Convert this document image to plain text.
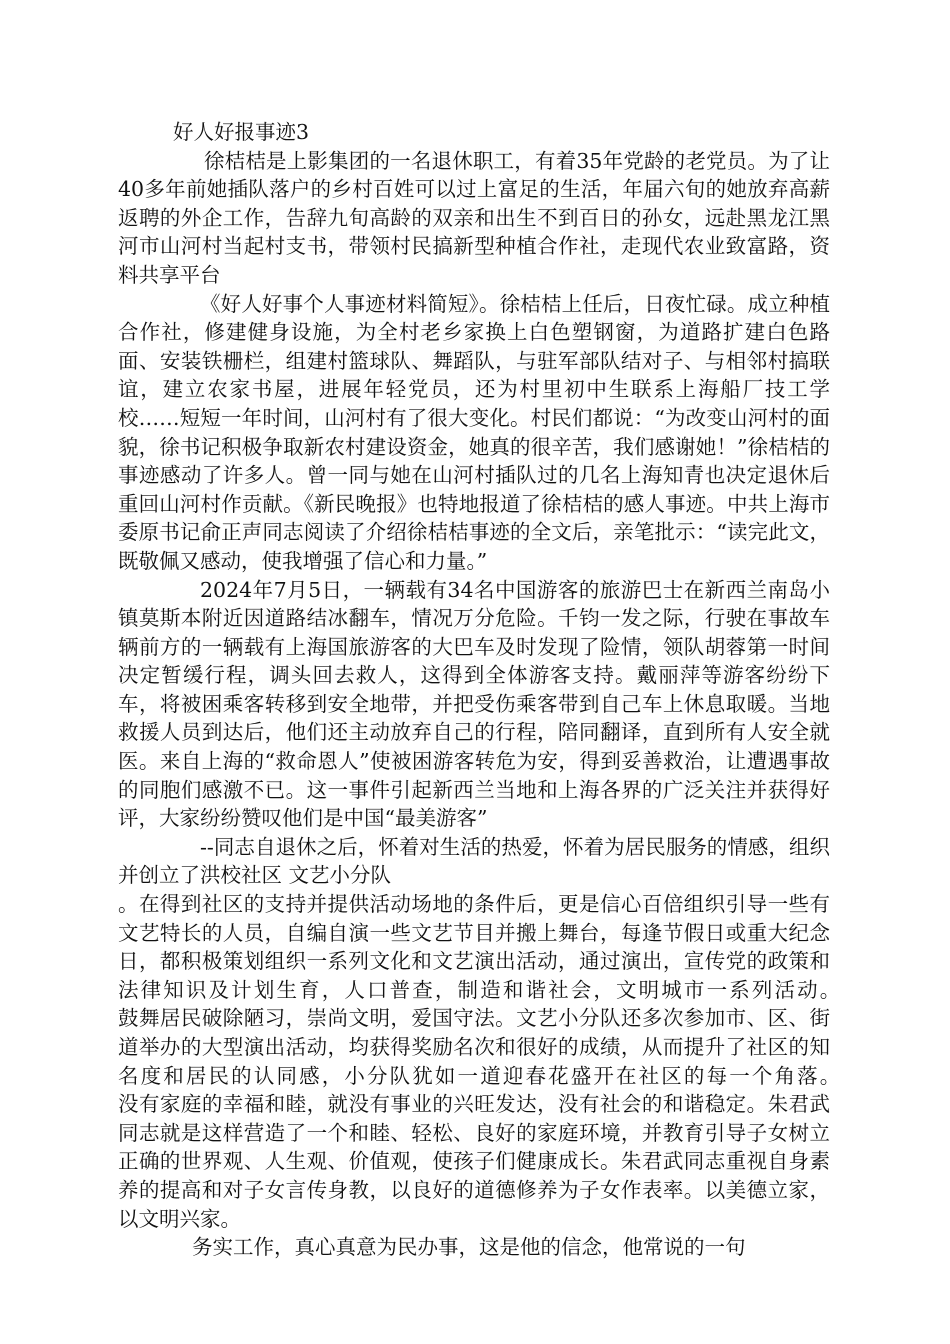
好人好报事迹3

徐桔桔是上影集团的一名退休职工，有着35年党龄的老党员。为了让40多年前她插队落户的乡村百姓可以过上富足的生活，年届六旬的她放弃高薪返聘的外企工作，告辞九旬高龄的双亲和出生不到百日的孙女，远赴黑龙江黑河市山河村当起村支书，带领村民搞新型种植合作社，走现代农业致富路，资料共享平台

《好人好事个人事迹材料简短》。徐桔桔上任后，日夜忙碌。成立种植合作社，修建健身设施，为全村老乡家换上白色塑钢窗，为道路扩建白色路面、安装铁栅栏，组建村篮球队、舞蹈队，与驻军部队结对子、与相邻村搞联谊，建立农家书屋，进展年轻党员，还为村里初中生联系上海船厂技工学校……短短一年时间，山河村有了很大变化。村民们都说：“为改变山河村的面貌，徐书记积极争取新农村建设资金，她真的很辛苦，我们感谢她！”徐桔桔的事迹感动了许多人。曾一同与她在山河村插队过的几名上海知青也决定退休后重回山河村作贡献。《新民晚报》也特地报道了徐桔桔的感人事迹。中共上海市委原书记俞正声同志阅读了介绍徐桔桔事迹的全文后，亲笔批示：“读完此文，既敬佩又感动，使我增强了信心和力量。”

2024年7月5日，一辆载有34名中国游客的旅游巴士在新西兰南岛小镇莫斯本附近因道路结冰翻车，情况万分危险。千钧一发之际，行驶在事故车辆前方的一辆载有上海国旅游客的大巴车及时发现了险情，领队胡蓉第一时间决定暂缓行程，调头回去救人，这得到全体游客支持。戴丽萍等游客纷纷下车，将被困乘客转移到安全地带，并把受伤乘客带到自己车上休息取暖。当地救援人员到达后，他们还主动放弃自己的行程，陪同翻译，直到所有人安全就医。来自上海的“救命恩人”使被困游客转危为安，得到妥善救治，让遭遇事故的同胞们感激不已。这一事件引起新西兰当地和上海各界的广泛关注并获得好评，大家纷纷赞叹他们是中国“最美游客”

--同志自退休之后，怀着对生活的热爱，怀着为居民服务的情感，组织并创立了洪校社区 文艺小分队

。在得到社区的支持并提供活动场地的条件后，更是信心百倍组织引导一些有文艺特长的人员，自编自演一些文艺节目并搬上舞台，每逢节假日或重大纪念日，都积极策划组织一系列文化和文艺演出活动，通过演出，宣传党的政策和法律知识及计划生育，人口普查，制造和谐社会，文明城市一系列活动。　　　鼓舞居民破除陋习，崇尚文明，爱国守法。文艺小分队还多次参加市、区、街道举办的大型演出活动，均获得奖励名次和很好的成绩，从而提升了社区的知名度和居民的认同感，小分队犹如一道迎春花盛开在社区的每一个角落。　　　没有家庭的幸福和睦，就没有事业的兴旺发达，没有社会的和谐稳定。朱君武同志就是这样营造了一个和睦、轻松、良好的家庭环境，并教育引导子女树立正确的世界观、人生观、价值观，使孩子们健康成长。朱君武同志重视自身素养的提高和对子女言传身教，以良好的道德修养为子女作表率。以美德立家，以文明兴家。

务实工作，真心真意为民办事，这是他的信念，他常说的一句
